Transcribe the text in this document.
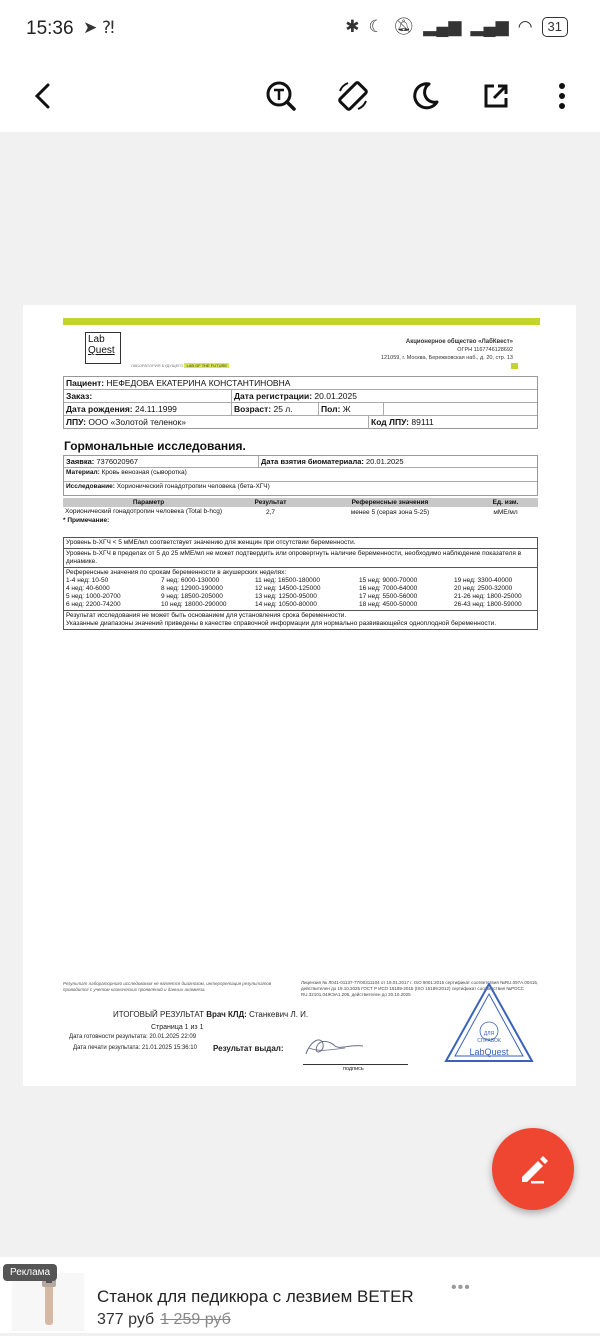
15:36 ➤ ⁈	✱ ☾ 🔕︎ ▂▄▆ ▂▄▆ ◠	31
Lab
Quest
ЛАБОРАТОРИЯ БУДУЩЕГО LAB OF THE FUTURE
Акционерное общество «ЛабКвест»
ОГРН 1167746128692
121059, г. Москва, Бережковская наб., д. 20, стр. 13
Пациент: НЕФЕДОВА ЕКАТЕРИНА КОНСТАНТИНОВНА
Заказ:	Дата регистрации: 20.01.2025
Дата рождения: 24.11.1999	Возраст: 25 л.	Пол: Ж
ЛПУ: ООО «Золотой теленок»	Код ЛПУ: 89111
Гормональные исследования.
Заявка: 7376020967	Дата взятия биоматериала: 20.01.2025
Материал: Кровь венозная (сыворотка)
Исследование: Хорионический гонадотропин человека (бета-ХГЧ)
Параметр	Результат	Референсные значения	Ед. изм.
Хорионический гонадотропин человека (Total b-hcg)	2,7	менее 5 (серая зона 5-25)	мМЕ/мл
* Примечание:
Уровень b-ХГЧ < 5 мМЕ/мл соответствует значению для женщин при отсутствии беременности.
Уровень b-ХГЧ в пределах от 5 до 25 мМЕ/мл не может подтвердить или опровергнуть наличие беременности, необходимо наблюдение показателя в динамике.
Референсные значения по срокам беременности в акушерских неделях:
1-4 нед: 10-50	7 нед: 6000-130000	11 нед: 16500-180000	15 нед: 9000-70000	19 нед: 3300-40000
4 нед: 40-6000	8 нед: 12900-190000	12 нед: 14500-125000	16 нед: 7000-64000	20 нед: 2500-32000
5 нед: 1000-20700	9 нед: 18500-205000	13 нед: 12500-95000	17 нед: 5500-56000	21-26 нед: 1800-25000
6 нед: 2200-74200	10 нед: 18000-290000	14 нед: 10500-80000	18 нед: 4500-50000	26-43 нед: 1800-59000
Результат исследования не может быть основанием для установления срока беременности.
Указанные диапазоны значений приведены в качестве справочной информации для нормально развивающейся одноплодной беременности.
Результат лабораторного исследования не является диагнозом, интерпретация результатов проводится с учетом клинических проявлений и данных анамнеза.
Лицензия № Л041-01137-77/00311104 от 19.01.2017 г. ISO 9001:2015 сертификат соответствия №RU.097А.00415, действителен до 19.10.2025 ГОСТ Р ИСО 15189-2015 (ISO 15189:2012) сертификат соответствия №РОСС RU.32101.04ЖЭА1.206, действителен до 20.10.2025
ИТОГОВЫЙ РЕЗУЛЬТАТ Врач КЛД: Станкевич Л. И.
Страница 1 из 1
Дата готовности результата: 20.01.2025 22:09
Дата печати результата: 21.01.2025 15:36:10 Результат выдал:
подпись
ДЛЯ
СПРАВОК
LabQuest
Реклама
Станок для педикюра с лезвием BETER
377 руб 1 259 руб
•••
